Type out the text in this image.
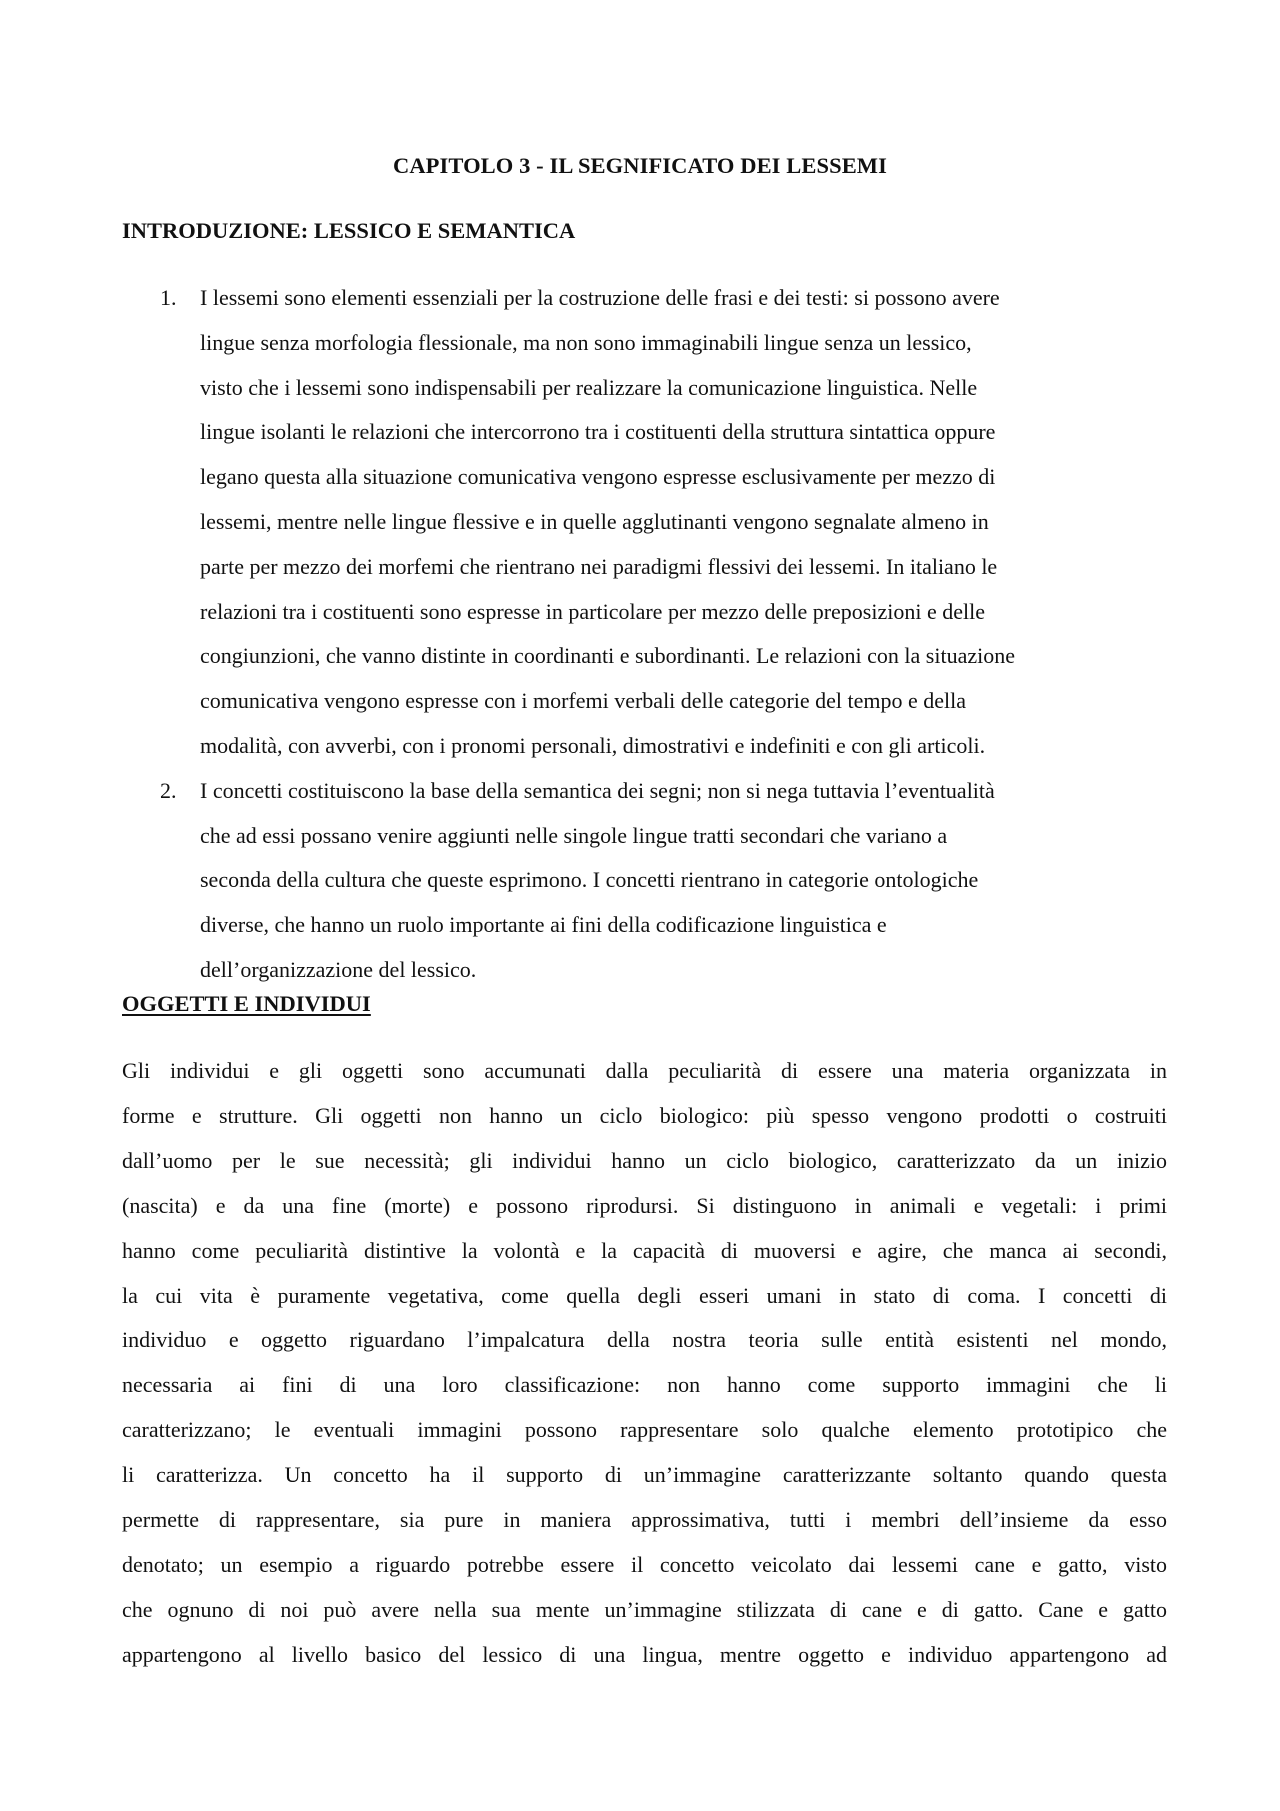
CAPITOLO 3 - IL SEGNIFICATO DEI LESSEMI
INTRODUZIONE: LESSICO E SEMANTICA
1. I lessemi sono elementi essenziali per la costruzione delle frasi e dei testi: si possono avere
lingue senza morfologia flessionale, ma non sono immaginabili lingue senza un lessico,
visto che i lessemi sono indispensabili per realizzare la comunicazione linguistica. Nelle
lingue isolanti le relazioni che intercorrono tra i costituenti della struttura sintattica oppure
legano questa alla situazione comunicativa vengono espresse esclusivamente per mezzo di
lessemi, mentre nelle lingue flessive e in quelle agglutinanti vengono segnalate almeno in
parte per mezzo dei morfemi che rientrano nei paradigmi flessivi dei lessemi. In italiano le
relazioni tra i costituenti sono espresse in particolare per mezzo delle preposizioni e delle
congiunzioni, che vanno distinte in coordinanti e subordinanti. Le relazioni con la situazione
comunicativa vengono espresse con i morfemi verbali delle categorie del tempo e della
modalità, con avverbi, con i pronomi personali, dimostrativi e indefiniti e con gli articoli.
2. I concetti costituiscono la base della semantica dei segni; non si nega tuttavia l’eventualità
che ad essi possano venire aggiunti nelle singole lingue tratti secondari che variano a
seconda della cultura che queste esprimono. I concetti rientrano in categorie ontologiche
diverse, che hanno un ruolo importante ai fini della codificazione linguistica e
dell’organizzazione del lessico.
OGGETTI E INDIVIDUI

Gli individui e gli oggetti sono accumunati dalla peculiarità di essere una materia organizzata in
forme e strutture. Gli oggetti non hanno un ciclo biologico: più spesso vengono prodotti o costruiti
dall’uomo per le sue necessità; gli individui hanno un ciclo biologico, caratterizzato da un inizio
(nascita) e da una fine (morte) e possono riprodursi. Si distinguono in animali e vegetali: i primi
hanno come peculiarità distintive la volontà e la capacità di muoversi e agire, che manca ai secondi,
la cui vita è puramente vegetativa, come quella degli esseri umani in stato di coma. I concetti di
individuo e oggetto riguardano l’impalcatura della nostra teoria sulle entità esistenti nel mondo,
necessaria ai fini di una loro classificazione: non hanno come supporto immagini che li
caratterizzano; le eventuali immagini possono rappresentare solo qualche elemento prototipico che
li caratterizza. Un concetto ha il supporto di un’immagine caratterizzante soltanto quando questa
permette di rappresentare, sia pure in maniera approssimativa, tutti i membri dell’insieme da esso
denotato; un esempio a riguardo potrebbe essere il concetto veicolato dai lessemi cane e gatto, visto
che ognuno di noi può avere nella sua mente un’immagine stilizzata di cane e di gatto. Cane e gatto
appartengono al livello basico del lessico di una lingua, mentre oggetto e individuo appartengono ad
